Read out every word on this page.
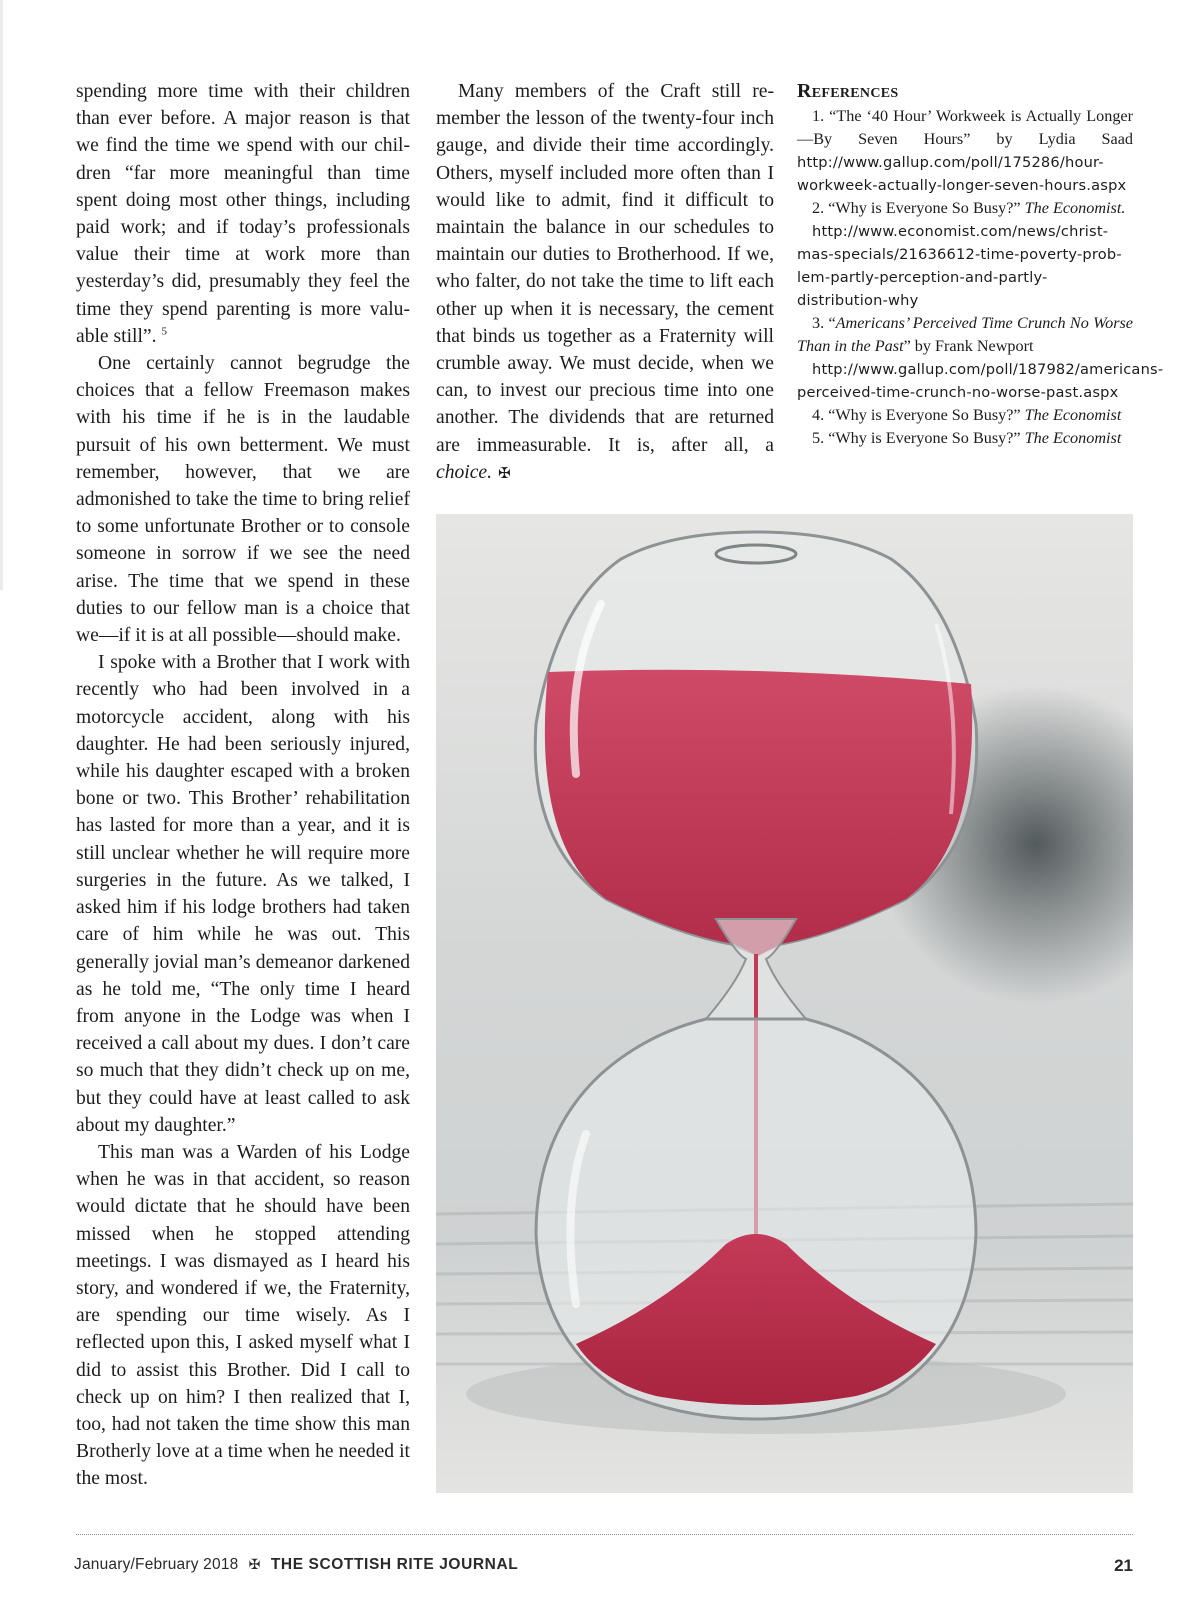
spending more time with their children than ever before. A major reason is that we find the time we spend with our children “far more meaningful than time spent doing most other things, including paid work; and if today’s professionals value their time at work more than yesterday’s did, presumably they feel the time they spend parenting is more valuable still”. $^5$

One certainly cannot begrudge the choices that a fellow Freemason makes with his time if he is in the laudable pursuit of his own betterment. We must remember, however, that we are admonished to take the time to bring relief to some unfortunate Brother or to console someone in sorrow if we see the need arise. The time that we spend in these duties to our fellow man is a choice that we—if it is at all possible—should make.

I spoke with a Brother that I work with recently who had been involved in a motorcycle accident, along with his daughter. He had been seriously injured, while his daughter escaped with a broken bone or two. This Brother’ rehabilitation has lasted for more than a year, and it is still unclear whether he will require more surgeries in the future. As we talked, I asked him if his lodge brothers had taken care of him while he was out. This generally jovial man’s demeanor darkened as he told me, “The only time I heard from anyone in the Lodge was when I received a call about my dues. I don’t care so much that they didn’t check up on me, but they could have at least called to ask about my daughter.”

This man was a Warden of his Lodge when he was in that accident, so reason would dictate that he should have been missed when he stopped attending meetings. I was dismayed as I heard his story, and wondered if we, the Fraternity, are spending our time wisely. As I reflected upon this, I asked myself what I did to assist this Brother. Did I call to check up on him? I then realized that I, too, had not taken the time show this man Brotherly love at a time when he needed it the most.

Many members of the Craft still remember the lesson of the twenty-four inch gauge, and divide their time accordingly. Others, myself included more often than I would like to admit, find it difficult to maintain the balance in our schedules to maintain our duties to Brotherhood. If we, who falter, do not take the time to lift each other up when it is necessary, the cement that binds us together as a Fraternity will crumble away. We must decide, when we can, to invest our precious time into one another. The dividends that are returned are immeasurable. It is, after all, a choice. ✠

References

1. “The ‘40 Hour’ Workweek is Actually Longer—By Seven Hours” by Lydia Saad http://www.gallup.com/poll/175286/hour-workweek-actually-longer-seven-hours.aspx

2. “Why is Everyone So Busy?” The Economist.

http://www.economist.com/news/christmas-specials/21636612-time-poverty-problem-partly-perception-and-partly-distribution-why

3. “Americans’ Perceived Time Crunch No Worse Than in the Past” by Frank Newport

http://www.gallup.com/poll/187982/americans-perceived-time-crunch-no-worse-past.aspx

4. “Why is Everyone So Busy?” The Economist

5. “Why is Everyone So Busy?” The Economist

January/February 2018 ✠ THE SCOTTISH RITE JOURNAL	21
